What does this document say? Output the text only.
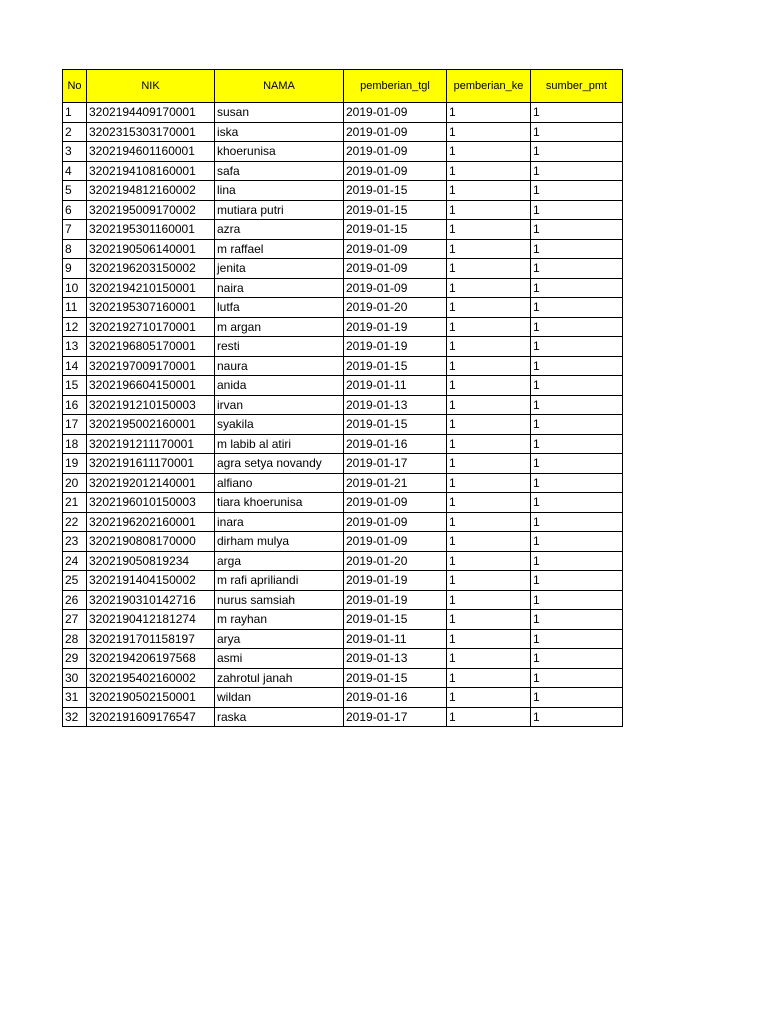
No	NIK	NAMA	pemberian_tgl	pemberian_ke	sumber_pmt
1	3202194409170001	susan	2019-01-09	1	1
2	3202315303170001	iska	2019-01-09	1	1
3	3202194601160001	khoerunisa	2019-01-09	1	1
4	3202194108160001	safa	2019-01-09	1	1
5	3202194812160002	lina	2019-01-15	1	1
6	3202195009170002	mutiara putri	2019-01-15	1	1
7	3202195301160001	azra	2019-01-15	1	1
8	3202190506140001	m raffael	2019-01-09	1	1
9	3202196203150002	jenita	2019-01-09	1	1
10	3202194210150001	naira	2019-01-09	1	1
11	3202195307160001	lutfa	2019-01-20	1	1
12	3202192710170001	m argan	2019-01-19	1	1
13	3202196805170001	resti	2019-01-19	1	1
14	3202197009170001	naura	2019-01-15	1	1
15	3202196604150001	anida	2019-01-11	1	1
16	3202191210150003	irvan	2019-01-13	1	1
17	3202195002160001	syakila	2019-01-15	1	1
18	3202191211170001	m labib al atiri	2019-01-16	1	1
19	3202191611170001	agra setya novandy	2019-01-17	1	1
20	3202192012140001	alfiano	2019-01-21	1	1
21	3202196010150003	tiara khoerunisa	2019-01-09	1	1
22	3202196202160001	inara	2019-01-09	1	1
23	3202190808170000	dirham mulya	2019-01-09	1	1
24	320219050819234	arga	2019-01-20	1	1
25	3202191404150002	m rafi apriliandi	2019-01-19	1	1
26	3202190310142716	nurus samsiah	2019-01-19	1	1
27	3202190412181274	m rayhan	2019-01-15	1	1
28	3202191701158197	arya	2019-01-11	1	1
29	3202194206197568	asmi	2019-01-13	1	1
30	3202195402160002	zahrotul janah	2019-01-15	1	1
31	3202190502150001	wildan	2019-01-16	1	1
32	3202191609176547	raska	2019-01-17	1	1
